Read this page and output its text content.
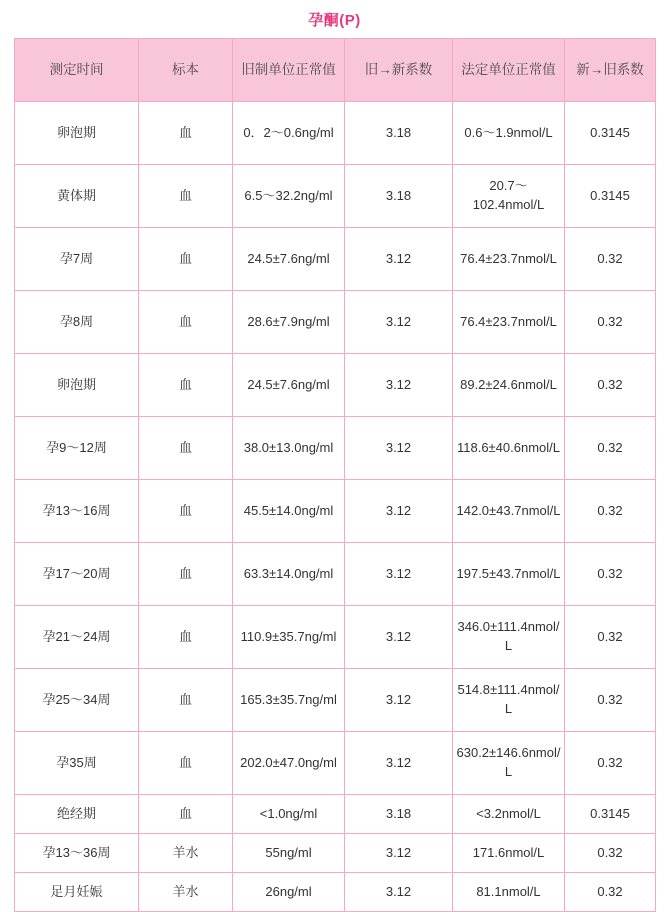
孕酮(P)
测定时间	标本	旧制单位正常值	旧→新系数	法定单位正常值	新→旧系数
卵泡期	血	0．2～0.6ng/ml	3.18	0.6～1.9nmol/L	0.3145
黄体期	血	6.5～32.2ng/ml	3.18	20.7～102.4nmol/L	0.3145
孕7周	血	24.5±7.6ng/ml	3.12	76.4±23.7nmol/L	0.32
孕8周	血	28.6±7.9ng/ml	3.12	76.4±23.7nmol/L	0.32
卵泡期	血	24.5±7.6ng/ml	3.12	89.2±24.6nmol/L	0.32
孕9～12周	血	38.0±13.0ng/ml	3.12	118.6±40.6nmol/L	0.32
孕13～16周	血	45.5±14.0ng/ml	3.12	142.0±43.7nmol/L	0.32
孕17～20周	血	63.3±14.0ng/ml	3.12	197.5±43.7nmol/L	0.32
孕21～24周	血	110.9±35.7ng/ml	3.12	346.0±111.4nmol/L	0.32
孕25～34周	血	165.3±35.7ng/ml	3.12	514.8±111.4nmol/L	0.32
孕35周	血	202.0±47.0ng/ml	3.12	630.2±146.6nmol/L	0.32
绝经期	血	<1.0ng/ml	3.18	<3.2nmol/L	0.3145
孕13～36周	羊水	55ng/ml	3.12	171.6nmol/L	0.32
足月妊娠	羊水	26ng/ml	3.12	81.1nmol/L	0.32
